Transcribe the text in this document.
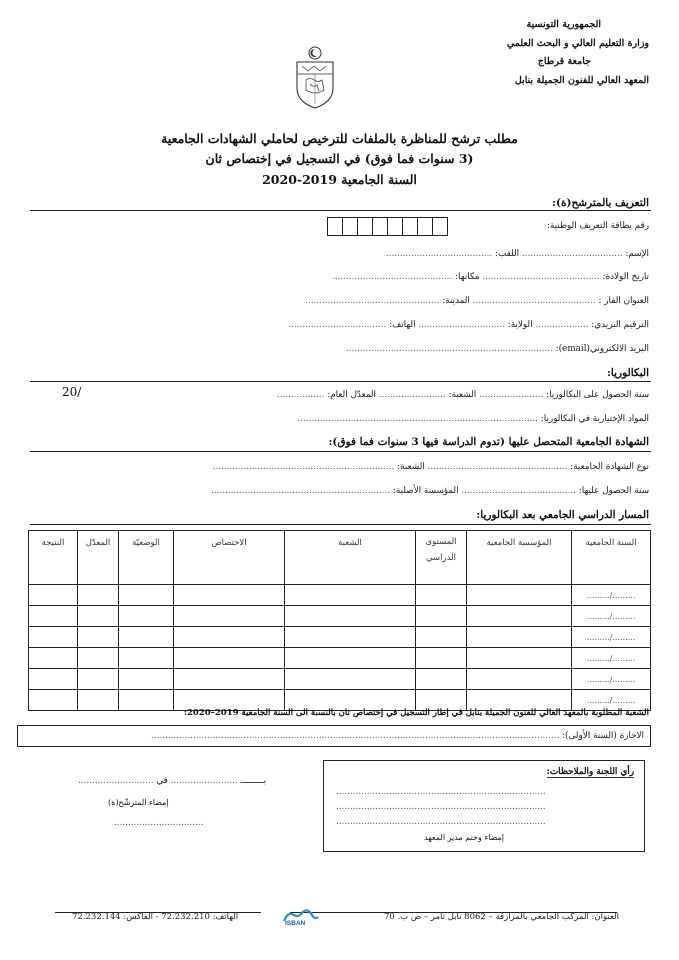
الجمهورية التونسية
وزارة التعليم العالي و البحث العلمي
جامعة قرطاج
المعهد العالي للفنون الجميلة بنابل
مطلب ترشح للمناظرة بالملفات للترخيص لحاملي الشهادات الجامعية
(3 سنوات فما فوق) في التسجيل في إختصاص ثان
السنة الجامعية 2019-2020
التعريف بالمترشح(ة):
رقم بطاقة التعريف الوطنية:
الإسم: .................................... اللقب: ......................................
تاريخ الولادة: .......................................... مكانها: ...........................................
العنوان القار : ............................................ المدينة: ................................................
الترقيم البريدي: ................... الولاية: ............................... الهاتف: ...................................
البريد الالكتروني(email): ..........................................................................
البكالوريا:
سنة الحصول على البكالوريا: ....................... الشعبة: ........................ المعدّل العام: .................
20/
المواد الإختيارية في البكالوريا: ......................................................................................
الشهادة الجامعية المتحصل عليها (تدوم الدراسة فيها 3 سنوات فما فوق):
نوع الشهادة الجامعية: .................................................. الشعبة: .................................................................
سنة الحصول عليها: ......................................... المؤسسة الأصلية: ................................................................
المسار الدراسي الجامعي بعد البكالوريا:
السنة الجامعية	المؤسسة الجامعية	المستوى الدراسي	الشعبة	الاختصاص	الوضعيّة	المعدّل	النتيجة
........./.........							
........./.........							
........./.........							
........./.........							
........./.........							
........./.........							
الشعبة المطلوبة بالمعهد العالي للفنون الجميلة بنابل في إطار التسجيل في إختصاص ثان بالنسبة الى السنة الجامعية 2019–2020:
الاجازة (السنة الأولى): ..................................................................................................................................................
رأي اللجنة والملاحظات:
...........................................................................
...........................................................................
...........................................................................
إمضاء وختم مدير المعهد
بـــــــــ ........................ في ...........................
إمضاء المترشّح(ة)
................................
العنوان: المركب الجامعي بالمرازقة – 8062 نابل تامر – ص ب. 70
ISBAN
الهاتف: 72.232.210 - الفاكس: 72.232.144
